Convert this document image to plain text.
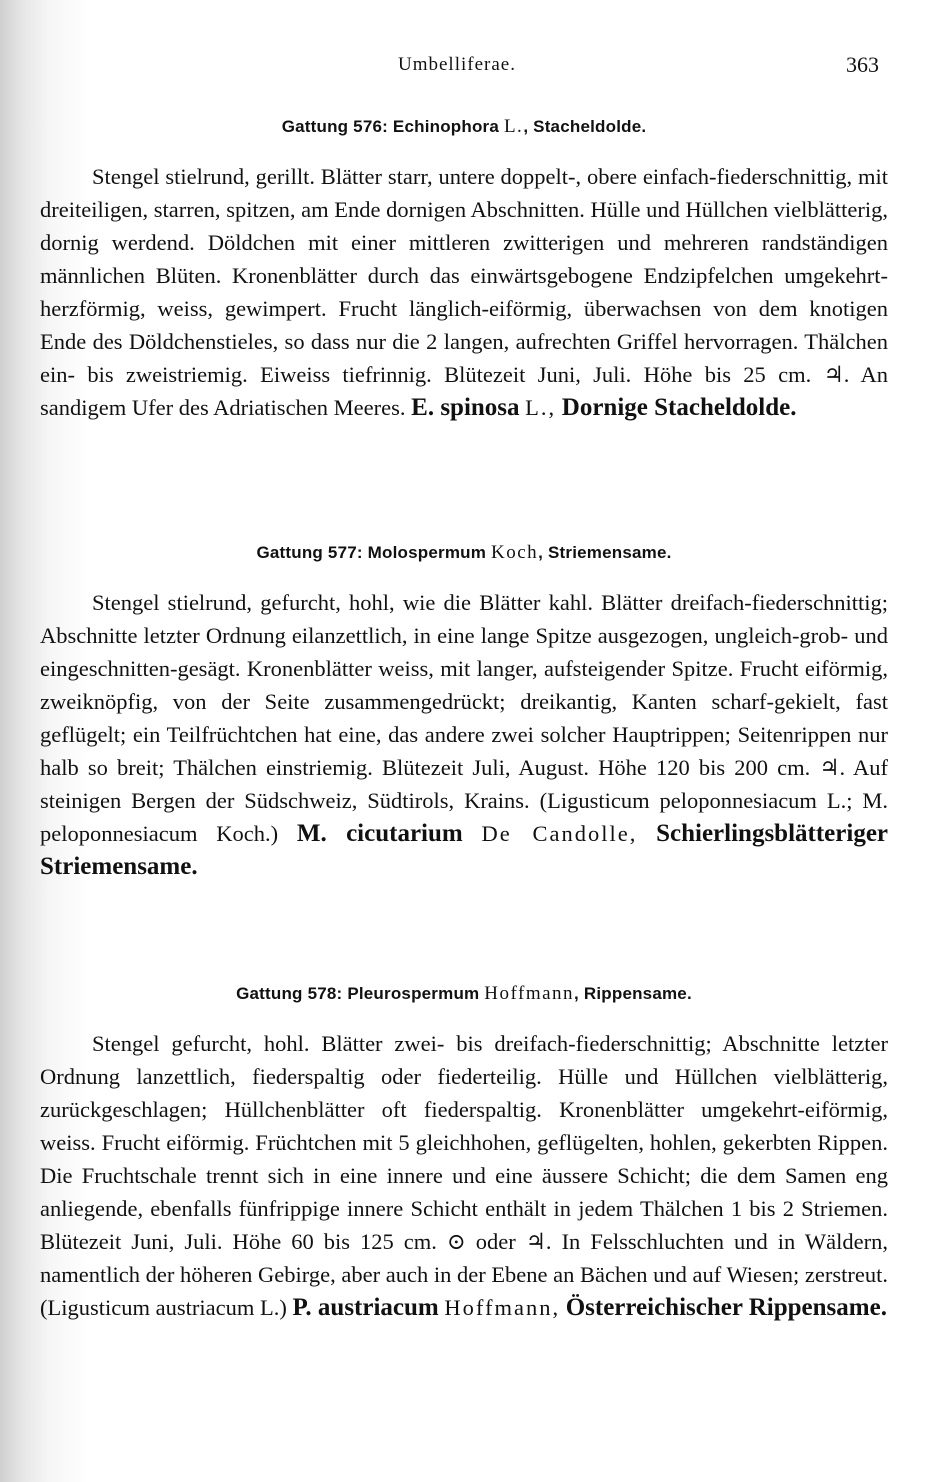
Umbelliferae.	363
Gattung 576: Echinophora L., Stacheldolde.

Stengel stielrund, gerillt. Blätter starr, untere doppelt-, obere einfach-fiederschnittig, mit dreiteiligen, starren, spitzen, am Ende dornigen Abschnitten. Hülle und Hüllchen vielblätterig, dornig werdend. Döldchen mit einer mittleren zwitterigen und mehreren randständigen männlichen Blüten. Kronenblätter durch das einwärtsgebogene Endzipfelchen umgekehrt-herzförmig, weiss, gewimpert. Frucht länglich-eiförmig, überwachsen von dem knotigen Ende des Döldchenstieles, so dass nur die 2 langen, aufrechten Griffel hervorragen. Thälchen ein- bis zweistriemig. Eiweiss tiefrinnig. Blütezeit Juni, Juli. Höhe bis 25 cm. ♃. An sandigem Ufer des Adriatischen Meeres. E. spinosa L., Dornige Stacheldolde.

Gattung 577: Molospermum Koch, Striemensame.

Stengel stielrund, gefurcht, hohl, wie die Blätter kahl. Blätter dreifach-fiederschnittig; Abschnitte letzter Ordnung eilanzettlich, in eine lange Spitze ausgezogen, ungleich-grob- und eingeschnitten-gesägt. Kronenblätter weiss, mit langer, aufsteigender Spitze. Frucht eiförmig, zweiknöpfig, von der Seite zusammengedrückt; dreikantig, Kanten scharf-gekielt, fast geflügelt; ein Teilfrüchtchen hat eine, das andere zwei solcher Hauptrippen; Seitenrippen nur halb so breit; Thälchen einstriemig. Blütezeit Juli, August. Höhe 120 bis 200 cm. ♃. Auf steinigen Bergen der Südschweiz, Südtirols, Krains. (Ligusticum peloponnesiacum L.; M. peloponnesiacum Koch.) M. cicutarium De Candolle, Schierlingsblätteriger Striemensame.

Gattung 578: Pleurospermum Hoffmann, Rippensame.

Stengel gefurcht, hohl. Blätter zwei- bis dreifach-fiederschnittig; Abschnitte letzter Ordnung lanzettlich, fiederspaltig oder fiederteilig. Hülle und Hüllchen vielblätterig, zurückgeschlagen; Hüllchenblätter oft fiederspaltig. Kronenblätter umgekehrt-eiförmig, weiss. Frucht eiförmig. Früchtchen mit 5 gleichhohen, geflügelten, hohlen, gekerbten Rippen. Die Fruchtschale trennt sich in eine innere und eine äussere Schicht; die dem Samen eng anliegende, ebenfalls fünfrippige innere Schicht enthält in jedem Thälchen 1 bis 2 Striemen. Blütezeit Juni, Juli. Höhe 60 bis 125 cm. ⊙ oder ♃. In Felsschluchten und in Wäldern, namentlich der höheren Gebirge, aber auch in der Ebene an Bächen und auf Wiesen; zerstreut. (Ligusticum austriacum L.) P. austriacum Hoffmann, Österreichischer Rippensame.
